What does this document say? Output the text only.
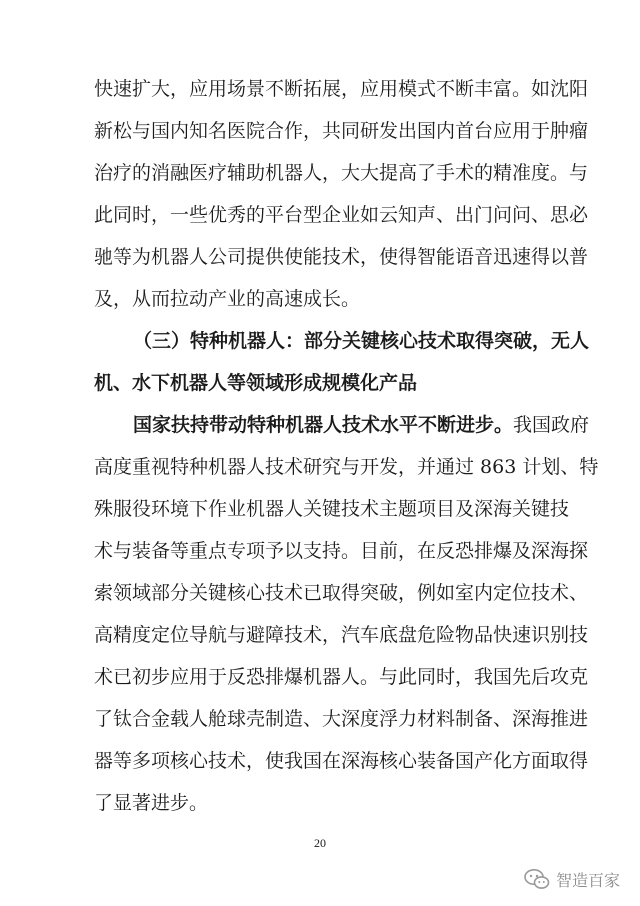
快速扩大，应用场景不断拓展，应用模式不断丰富。如沈阳
新松与国内知名医院合作，共同研发出国内首台应用于肿瘤
治疗的消融医疗辅助机器人，大大提高了手术的精准度。与
此同时，一些优秀的平台型企业如云知声、出门问问、思必
驰等为机器人公司提供使能技术，使得智能语音迅速得以普
及，从而拉动产业的高速成长。
（三）特种机器人：部分关键核心技术取得突破，无人
机、水下机器人等领域形成规模化产品
国家扶持带动特种机器人技术水平不断进步。我国政府
高度重视特种机器人技术研究与开发，并通过 863 计划、特
殊服役环境下作业机器人关键技术主题项目及深海关键技
术与装备等重点专项予以支持。目前，在反恐排爆及深海探
索领域部分关键核心技术已取得突破，例如室内定位技术、
高精度定位导航与避障技术，汽车底盘危险物品快速识别技
术已初步应用于反恐排爆机器人。与此同时，我国先后攻克
了钛合金载人舱球壳制造、大深度浮力材料制备、深海推进
器等多项核心技术，使我国在深海核心装备国产化方面取得
了显著进步。
20
智造百家
